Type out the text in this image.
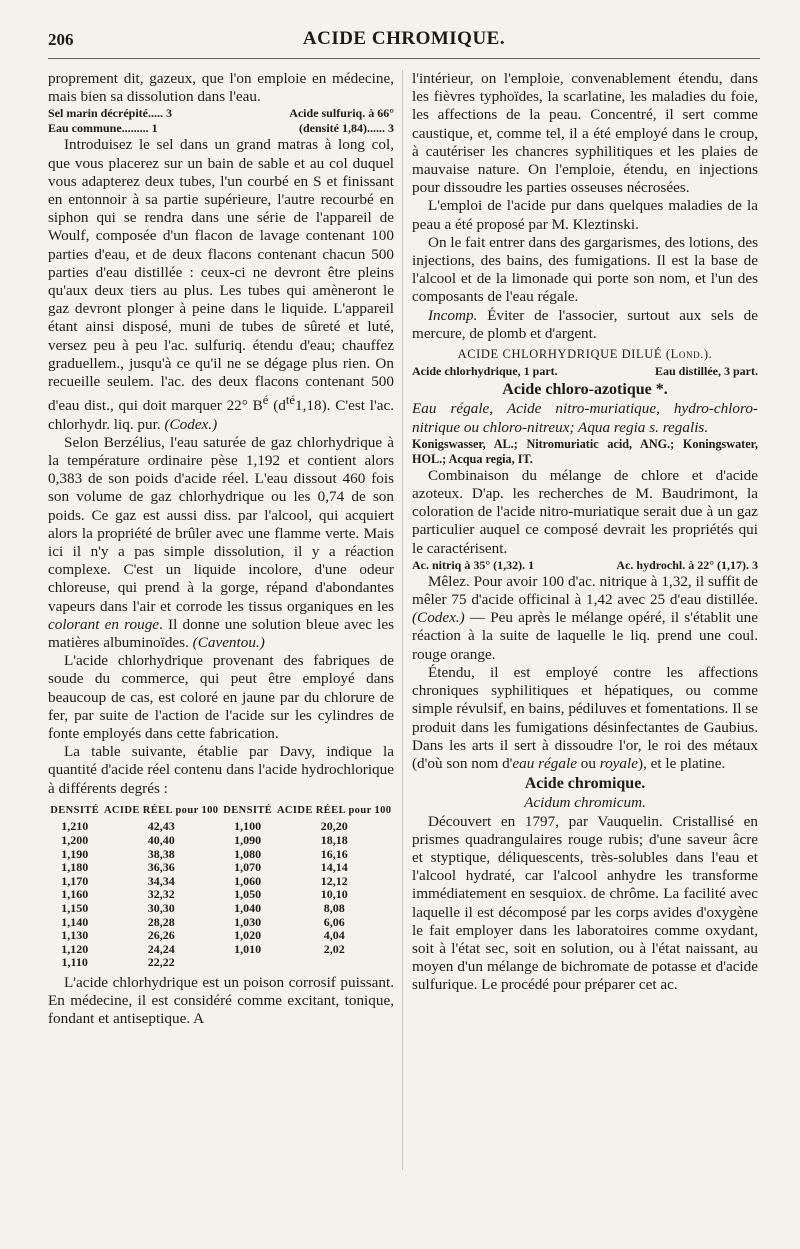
206	ACIDE CHROMIQUE.

proprement dit, gazeux, que l'on emploie en médecine, mais bien sa dissolution dans l'eau.

Sel marin décrépité..... 3	Acide sulfuriq. à 66°
Eau commune......... 1	(densité 1,84)...... 3

Introduisez le sel dans un grand matras à long col, que vous placerez sur un bain de sable et au col duquel vous adapterez deux tubes, l'un courbé en S et finissant en entonnoir à sa partie supérieure, l'autre recourbé en siphon qui se rendra dans une série de l'appareil de Woulf, composée d'un flacon de lavage contenant 100 parties d'eau, et de deux flacons contenant chacun 500 parties d'eau distillée : ceux-ci ne devront être pleins qu'aux deux tiers au plus. Les tubes qui amèneront le gaz devront plonger à peine dans le liquide. L'appareil étant ainsi disposé, muni de tubes de sûreté et luté, versez peu à peu l'ac. sulfuriq. étendu d'eau; chauffez graduellem., jusqu'à ce qu'il ne se dégage plus rien. On recueille seulem. l'ac. des deux flacons contenant 500 d'eau dist., qui doit marquer 22° $B^é$ $(d^{té}1,18)$. C'est l'ac. chlorhydr. liq. pur. (Codex.)

Selon Berzélius, l'eau saturée de gaz chlorhydrique à la température ordinaire pèse 1,192 et contient alors 0,383 de son poids d'acide réel. L'eau dissout 460 fois son volume de gaz chlorhydrique ou les 0,74 de son poids. Ce gaz est aussi diss. par l'alcool, qui acquiert alors la propriété de brûler avec une flamme verte. Mais ici il n'y a pas simple dissolution, il y a réaction complexe. C'est un liquide incolore, d'une odeur chloreuse, qui prend à la gorge, répand d'abondantes vapeurs dans l'air et corrode les tissus organiques en les colorant en rouge. Il donne une solution bleue avec les matières albuminoïdes. (Caventou.)

L'acide chlorhydrique provenant des fabriques de soude du commerce, qui peut être employé dans beaucoup de cas, est coloré en jaune par du chlorure de fer, par suite de l'action de l'acide sur les cylindres de fonte employés dans cette fabrication.

La table suivante, établie par Davy, indique la quantité d'acide réel contenu dans l'acide hydrochlorique à différents degrés :

DENSITÉ	ACIDE RÉEL pour 100	DENSITÉ	ACIDE RÉEL pour 100
1,210	42,43	1,100	20,20
1,200	40,40	1,090	18,18
1,190	38,38	1,080	16,16
1,180	36,36	1,070	14,14
1,170	34,34	1,060	12,12
1,160	32,32	1,050	10,10
1,150	30,30	1,040	8,08
1,140	28,28	1,030	6,06
1,130	26,26	1,020	4,04
1,120	24,24	1,010	2,02
1,110	22,22		

L'acide chlorhydrique est un poison corrosif puissant. En médecine, il est considéré comme excitant, tonique, fondant et antiseptique. A

l'intérieur, on l'emploie, convenablement étendu, dans les fièvres typhoïdes, la scarlatine, les maladies du foie, les affections de la peau. Concentré, il sert comme caustique, et, comme tel, il a été employé dans le croup, à cautériser les chancres syphilitiques et les plaies de mauvaise nature. On l'emploie, étendu, en injections pour dissoudre les parties osseuses nécrosées.

L'emploi de l'acide pur dans quelques maladies de la peau a été proposé par M. Kleztinski.

On le fait entrer dans des gargarismes, des lotions, des injections, des bains, des fumigations. Il est la base de l'alcool et de la limonade qui porte son nom, et l'un des composants de l'eau régale.

Incomp. Éviter de l'associer, surtout aux sels de mercure, de plomb et d'argent.

ACIDE CHLORHYDRIQUE DILUÉ (Lond.).
Acide chlorhydrique, 1 part.	Eau distillée, 3 part.
Acide chloro-azotique *.

Eau régale, Acide nitro-muriatique, hydro-chloro-nitrique ou chloro-nitreux; Aqua regia s. regalis.

Konigswasser, AL.; Nitromuriatic acid, ANG.; Koningswater, HOL.; Acqua regia, IT.

Combinaison du mélange de chlore et d'acide azoteux. D'ap. les recherches de M. Baudrimont, la coloration de l'acide nitro-muriatique serait due à un gaz particulier auquel ce composé devrait les propriétés qui le caractérisent.

Ac. nitriq à 35° (1,32). 1	Ac. hydrochl. à 22° (1,17). 3

Mêlez. Pour avoir 100 d'ac. nitrique à 1,32, il suffit de mêler 75 d'acide officinal à 1,42 avec 25 d'eau distillée. (Codex.) — Peu après le mélange opéré, il s'établit une réaction à la suite de laquelle le liq. prend une coul. rouge orange.

Étendu, il est employé contre les affections chroniques syphilitiques et hépatiques, ou comme simple révulsif, en bains, pédiluves et fomentations. Il se produit dans les fumigations désinfectantes de Gaubius. Dans les arts il sert à dissoudre l'or, le roi des métaux (d'où son nom d'eau régale ou royale), et le platine.

Acide chromique.
Acidum chromicum.

Découvert en 1797, par Vauquelin. Cristallisé en prismes quadrangulaires rouge rubis; d'une saveur âcre et styptique, déliquescents, très-solubles dans l'eau et l'alcool hydraté, car l'alcool anhydre les transforme immédiatement en sesquiox. de chrôme. La facilité avec laquelle il est décomposé par les corps avides d'oxygène le fait employer dans les laboratoires comme oxydant, soit à l'état sec, soit en solution, ou à l'état naissant, au moyen d'un mélange de bichromate de potasse et d'acide sulfurique. Le procédé pour préparer cet ac.
